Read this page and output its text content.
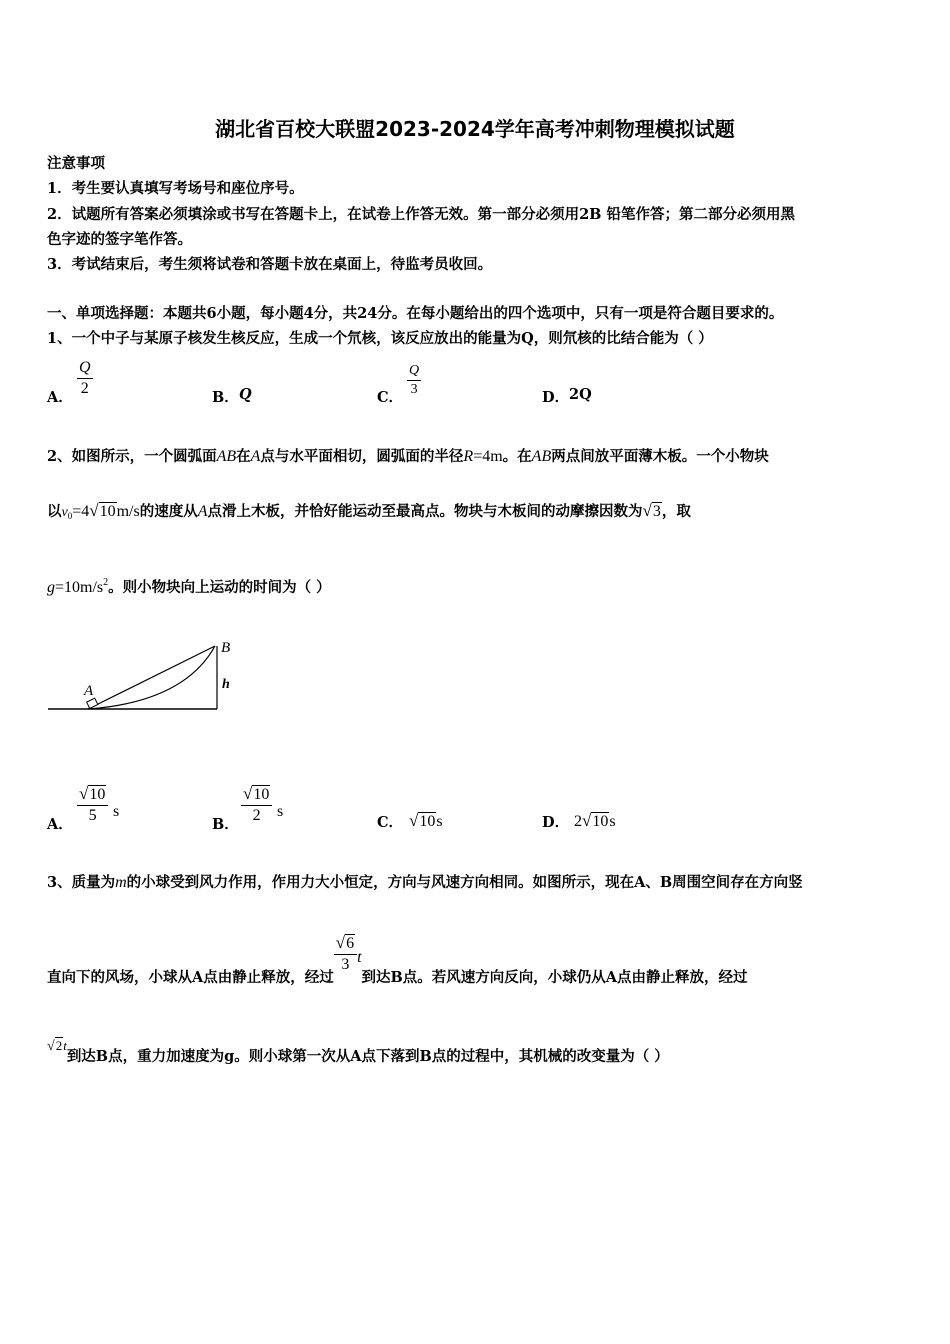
湖北省百校大联盟2023-2024学年高考冲刺物理模拟试题
注意事项
1．考生要认真填写考场号和座位序号。
2．试题所有答案必须填涂或书写在答题卡上，在试卷上作答无效。第一部分必须用2B 铅笔作答；第二部分必须用黑
色字迹的签字笔作答。
3．考试结束后，考生须将试卷和答题卡放在桌面上，待监考员收回。
一、单项选择题：本题共6小题，每小题4分，共24分。在每小题给出的四个选项中，只有一项是符合题目要求的。
1、一个中子与某原子核发生核反应，生成一个氘核，该反应放出的能量为Q，则氘核的比结合能为（ ）
A． $\frac{Q}{2}$	B． Q	C．
$\frac{Q}{3}$
D． 2Q
2、如图所示，一个圆弧面AB在A点与水平面相切，圆弧面的半径R=4m。在AB两点间放平面薄木板。一个小物块
以$v_0=4√10m/s$的速度从A点滑上木板，并恰好能运动至最高点。物块与木板间的动摩擦因数为√3，取
$g=10m/s^2$。则小物块向上运动的时间为（ ）
A
B
h
A． $\frac{√10}{5}$ s
B． $\frac{√10}{2}$ s
C． √10s	D． 2√10s
3、质量为m的小球受到风力作用，作用力大小恒定，方向与风速方向相同。如图所示，现在A、B周围空间存在方向竖
直向下的风场，小球从A点由静止释放，经过
$\frac{√6}{3}$ t到达B点。若风速方向反向，小球仍从A点由静止释放，经过
√2t到达B点，重力加速度为g。则小球第一次从A点下落到B点的过程中，其机械的改变量为（ ）
